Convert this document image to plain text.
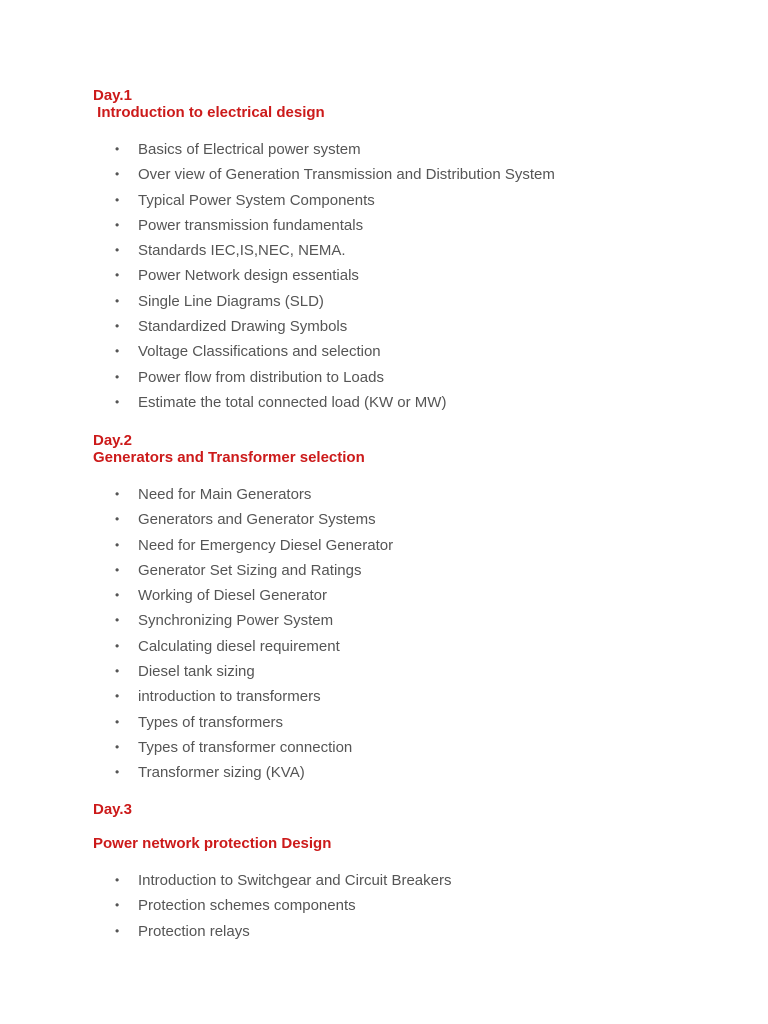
Day.1

Introduction to electrical design

• Basics of Electrical power system
• Over view of Generation Transmission and Distribution System
• Typical Power System Components
• Power transmission fundamentals
• Standards IEC,IS,NEC, NEMA.
• Power Network design essentials
• Single Line Diagrams (SLD)
• Standardized Drawing Symbols
• Voltage Classifications and selection
• Power flow from distribution to Loads
• Estimate the total connected load (KW or MW)

Day.2

Generators and Transformer selection

• Need for Main Generators
• Generators and Generator Systems
• Need for Emergency Diesel Generator
• Generator Set Sizing and Ratings
• Working of Diesel Generator
• Synchronizing Power System
• Calculating diesel requirement
• Diesel tank sizing
• introduction to transformers
• Types of transformers
• Types of transformer connection
• Transformer sizing (KVA)

Day.3

Power network protection Design

• Introduction to Switchgear and Circuit Breakers
• Protection schemes components
• Protection relays
